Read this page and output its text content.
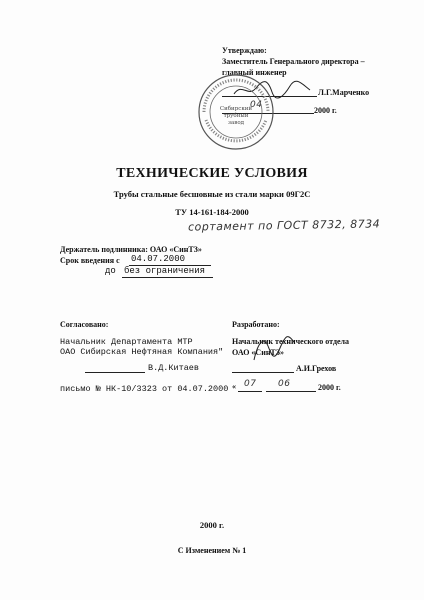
Утверждаю:
Заместитель Генерального директора –
главный инженер
Л.Г.Марченко
04
2000 г.
Сибирский
трубный
завод
ТЕХНИЧЕСКИЕ УСЛОВИЯ
Трубы стальные бесшовные из стали марки 09Г2С
ТУ 14-161-184-2000
сортамент по ГОСТ 8732, 8734
Держатель подлинника: ОАО «СинТЗ»
Срок введения с 04.07.2000
до без ограничения
Согласовано:
Начальник Департамента МТР
ОАО Сибирская Нефтяная Компания"
В.Д.Китаев
письмо № НК-10/3323 от 04.07.2000
Разработано:
Начальник технического отдела
ОАО «СинТЗ»
А.И.Грехов
« 07 06	2000 г.
2000 г.
С Изменением № 1
